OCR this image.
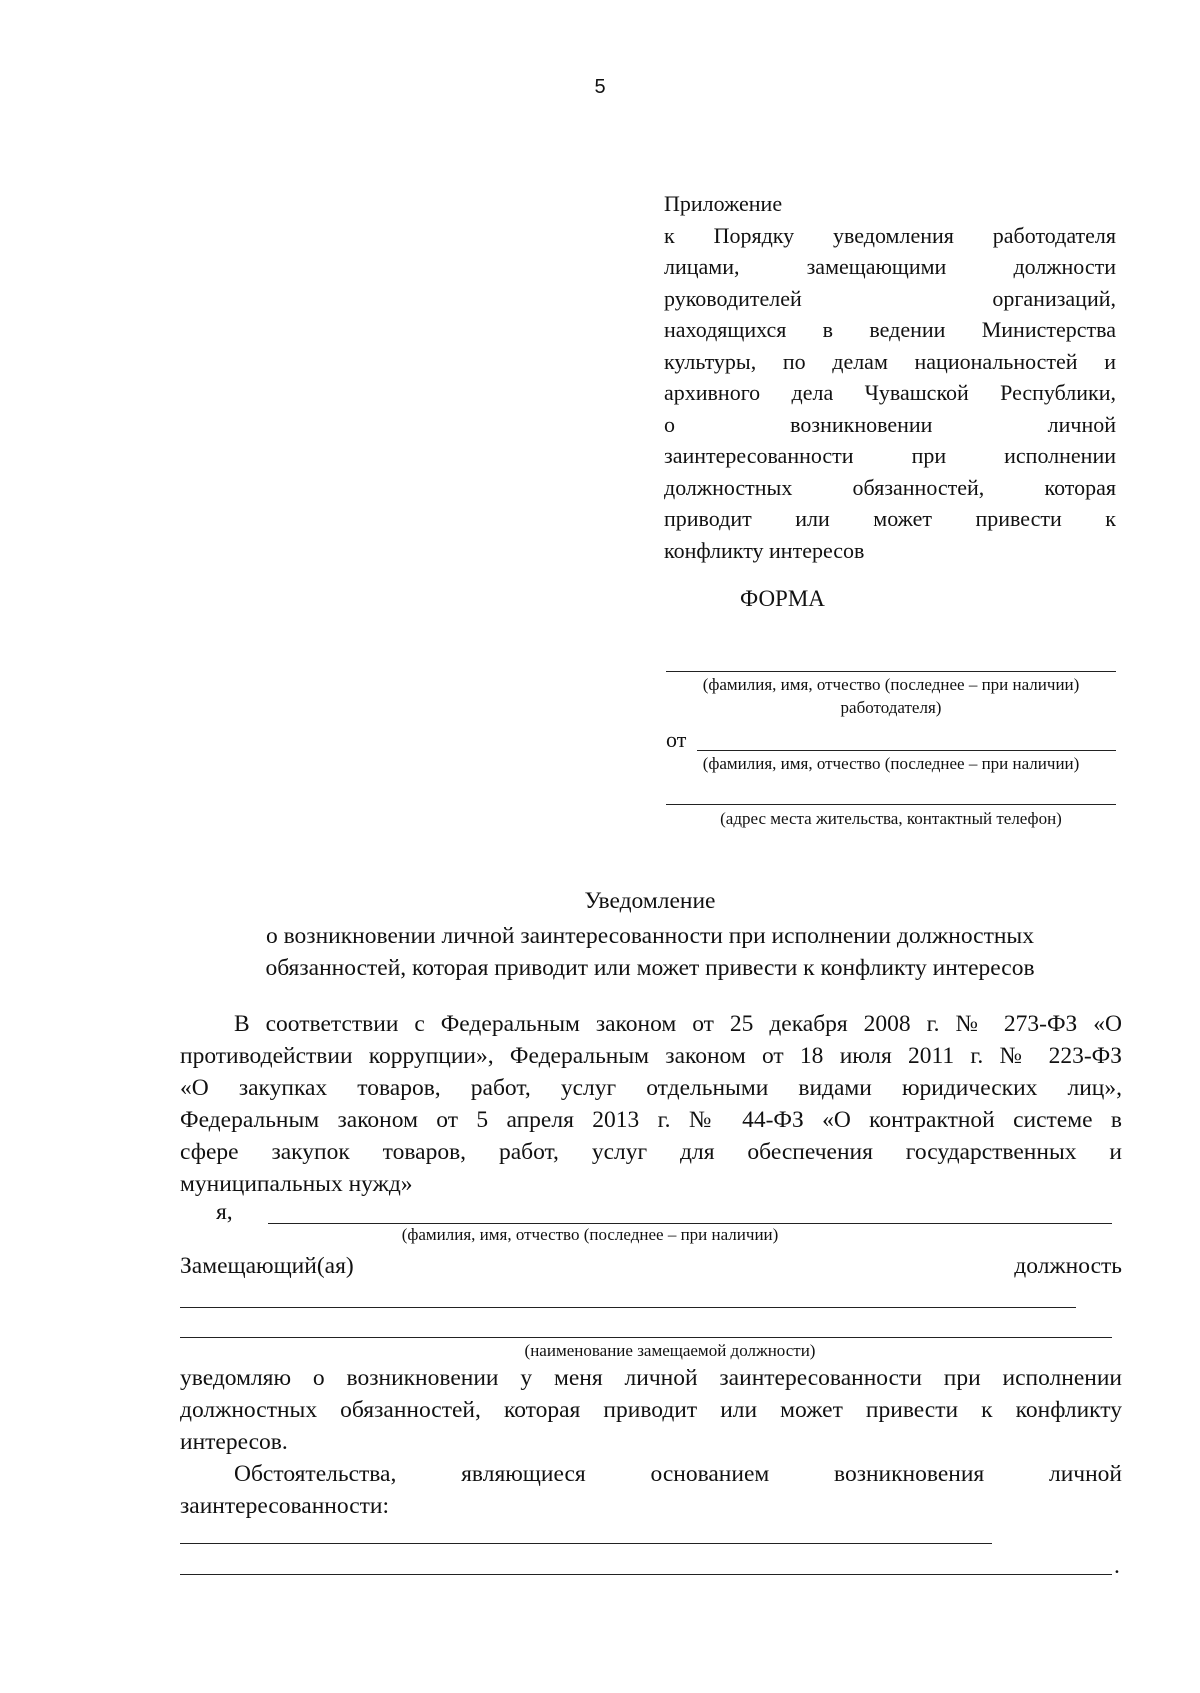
5
Приложение
к Порядку уведомления работодателя
лицами, замещающими должности
руководителей организаций,
находящихся в ведении Министерства
культуры, по делам национальностей и
архивного дела Чувашской Республики,
о возникновении личной
заинтересованности при исполнении
должностных обязанностей, которая
приводит или может привести к
конфликту интересов
ФОРМА
(фамилия, имя, отчество (последнее – при наличии)
работодателя)
от
(фамилия, имя, отчество (последнее – при наличии)
(адрес места жительства, контактный телефон)
Уведомление
о возникновении личной заинтересованности при исполнении должностных
обязанностей, которая приводит или может привести к конфликту интересов
В соответствии с Федеральным законом от 25 декабря 2008 г. № 273-ФЗ «О
противодействии коррупции», Федеральным законом от 18 июля 2011 г. № 223-ФЗ
«О закупках товаров, работ, услуг отдельными видами юридических лиц»,
Федеральным законом от 5 апреля 2013 г. № 44-ФЗ «О контрактной системе в
сфере закупок товаров, работ, услуг для обеспечения государственных и
муниципальных нужд»
я,
(фамилия, имя, отчество (последнее – при наличии)
Замещающий(ая)	должность
(наименование замещаемой должности)
уведомляю о возникновении у меня личной заинтересованности при исполнении
должностных обязанностей, которая приводит или может привести к конфликту
интересов.
Обстоятельства, являющиеся основанием возникновения личной
заинтересованности:
.
